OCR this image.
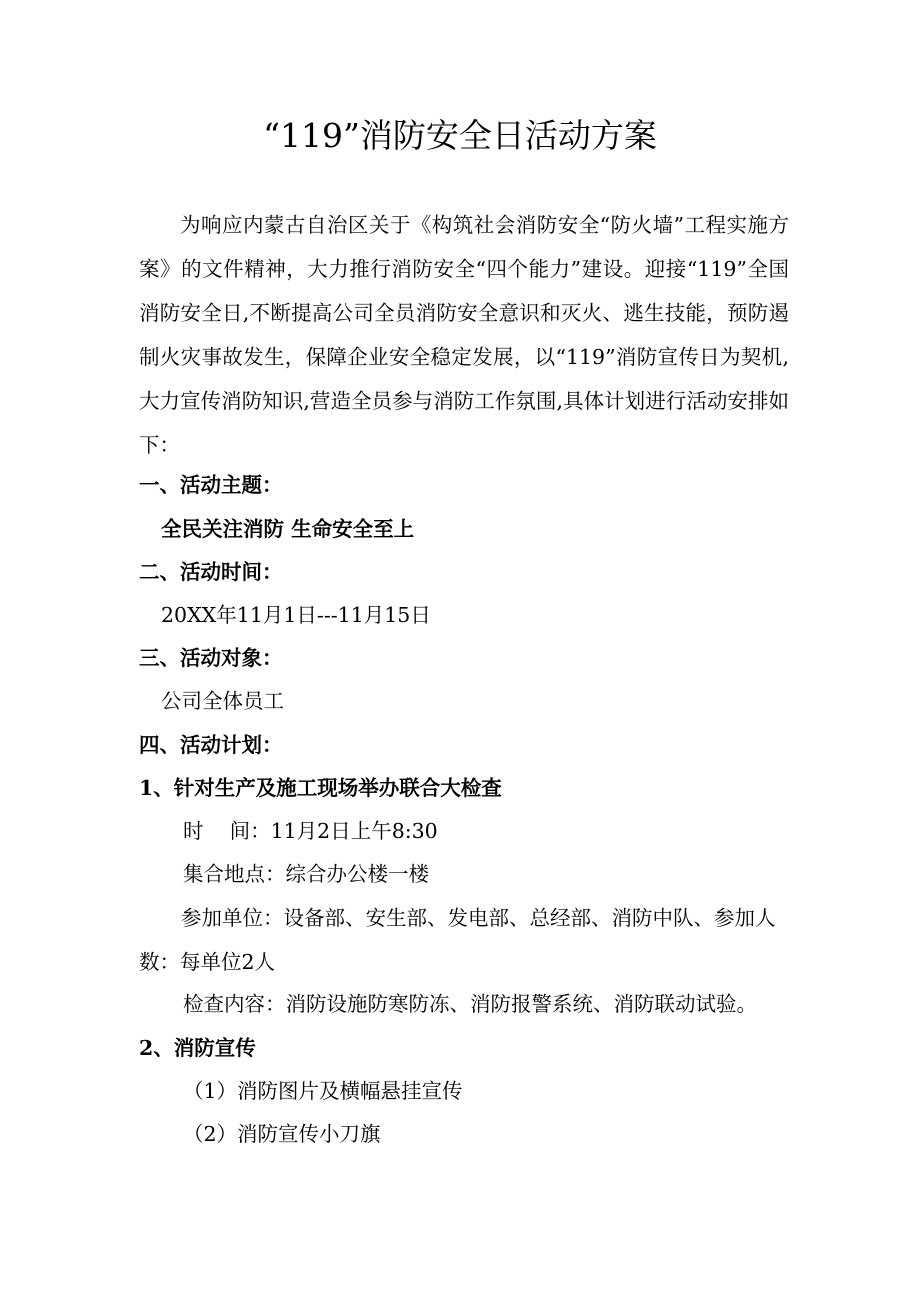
“119”消防安全日活动方案

为响应内蒙古自治区关于《构筑社会消防安全“防火墙”工程实施方案》的文件精神，大力推行消防安全“四个能力”建设。迎接“119”全国消防安全日,不断提高公司全员消防安全意识和灭火、逃生技能，预防遏制火灾事故发生，保障企业安全稳定发展，以“119”消防宣传日为契机,大力宣传消防知识,营造全员参与消防工作氛围,具体计划进行活动安排如下：

一、活动主题：
全民关注消防 生命安全至上
二、活动时间：
20XX年11月1日---11月15日
三、活动对象：
公司全体员工
四、活动计划：
1、针对生产及施工现场举办联合大检查
时    间：11月2日上午8:30
集合地点：综合办公楼一楼

参加单位：设备部、安生部、发电部、总经部、消防中队、参加人数：每单位2人

检查内容：消防设施防寒防冻、消防报警系统、消防联动试验。
2、消防宣传
（1）消防图片及横幅悬挂宣传
（2）消防宣传小刀旗
